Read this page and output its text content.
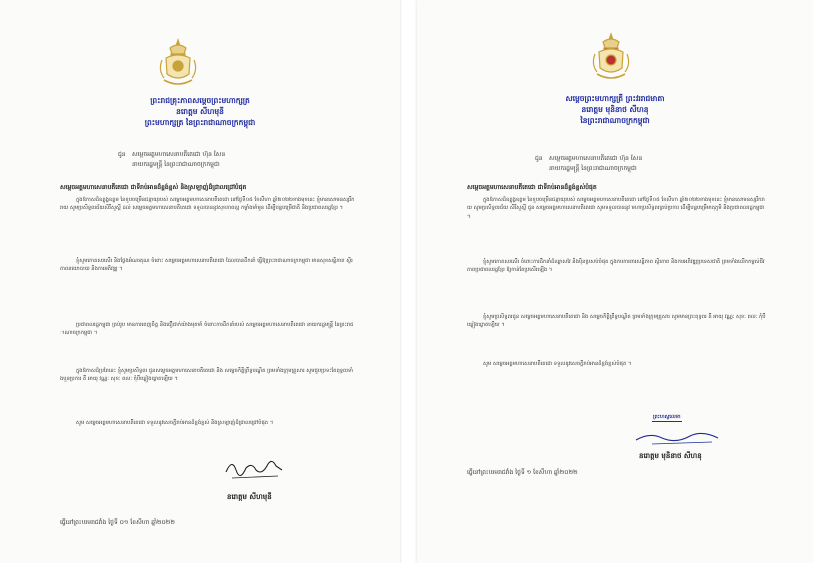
ព្រះរាជគ្រុះភាពសម្តេចព្រះមហាក្សត្រ
នរោត្តម សីហមុនី
ព្រះមហាក្សត្រ នៃព្រះរាជាណាចក្រកម្ពុជា
ជូន សម្តេចអគ្គមហាសេនាបតីតេជោ ហ៊ុន សែន
នាយករដ្ឋមន្ត្រី នៃព្រះរាជាណាចក្រកម្ពុជា
សម្តេចអគ្គមហាសេនាបតីតេជោ ជាទីរាប់អានដ៏ខ្ពង់ខ្ពស់ និងស្រឡាញ់ដ៏ជ្រាលជ្រៅបំផុត
ក្នុងឱកាសដ៏ឧត្តុង្គឧត្តម នៃខួបចម្រើនជន្មាយុរបស់ សម្តេចអគ្គមហាសេនាបតីតេជោ នៅថ្ងៃទី០៥ ខែសីហា ឆ្នាំ២០២២ខាងមុខនេះ ខ្ញុំមានសោមនស្សរីករាយ សូមប្រសិទ្ធពរជ័យសិរីសួស្តី ដល់ សម្តេចអគ្គមហាសេនាបតីតេជោ ទទួលបាននូវសុខភាពល្អ កម្លាំងមាំមួន ដើម្បីបន្តបម្រើជាតិ និងប្រជាពលរដ្ឋខ្មែរ ។
ខ្ញុំសូមកោតសរសើរ និងថ្លែងអំណរគុណ ចំពោះ សម្តេចអគ្គមហាសេនាបតីតេជោ ដែលបានដឹកនាំ ធ្វើឱ្យព្រះរាជាណាចក្រកម្ពុជា មានសុខសន្តិភាព ស្ថិរភាពនយោបាយ និងការអភិវឌ្ឍ ។
ប្រជាពលរដ្ឋកម្ពុជា គ្រប់រូប មានការពេញចិត្ត និងជឿជាក់យ៉ាងមុតមាំ ចំពោះការដឹកនាំរបស់ សម្តេចអគ្គមហាសេនាបតីតេជោ នាយករដ្ឋមន្ត្រី នៃព្រះរាជាណាចក្រកម្ពុជា ។
ក្នុងឱកាសដ៏ប្រពៃនេះ ខ្ញុំសូមប្រសិទ្ធពរ ជូនសម្តេចអគ្គមហាសេនាបតីតេជោ និង សម្តេចកិត្តិព្រឹទ្ធបណ្ឌិត ព្រមទាំងក្រុមគ្រួសារ សូមជួបប្រទះតែពុទ្ធពរទាំងបួនប្រការ គឺ អាយុ វណ្ណៈ សុខៈ ពលៈ កុំបីឃ្លៀងឃ្លាតឡើយ ។
សូម សម្តេចអគ្គមហាសេនាបតីតេជោ ទទួលនូវសេចក្តីរាប់អានដ៏ខ្ពង់ខ្ពស់ និងស្រឡាញ់ដ៏ជ្រាលជ្រៅបំផុត ។
នរោត្តម សីហមុនី
ធ្វើនៅព្រះបរមរាជវាំង ថ្ងៃទី ០១ ខែសីហា ឆ្នាំ២០២២
សម្តេចព្រះមហាក្សត្រី ព្រះវររាជមាតា
នរោត្តម មុនិនាថ សីហនុ
នៃព្រះរាជាណាចក្រកម្ពុជា
ជូន សម្តេចអគ្គមហាសេនាបតីតេជោ ហ៊ុន សែន
នាយករដ្ឋមន្ត្រី នៃព្រះរាជាណាចក្រកម្ពុជា
សម្តេចអគ្គមហាសេនាបតីតេជោ ជាទីរាប់អានដ៏ខ្ពង់ខ្ពស់បំផុត
ក្នុងឱកាសដ៏ឧត្តុង្គឧត្តម នៃខួបចម្រើនជន្មាយុរបស់ សម្តេចអគ្គមហាសេនាបតីតេជោ នៅថ្ងៃទី០៥ ខែសីហា ឆ្នាំ២០២២ខាងមុខនេះ ខ្ញុំមានសោមនស្សរីករាយ សូមប្រសិទ្ធពរជ័យ សិរីសួស្តី ជូន សម្តេចអគ្គមហាសេនាបតីតេជោ សូមទទួលបាននូវ មហាប្រសិទ្ធពរគ្រប់ប្រការ ដើម្បីបន្តបម្រើមាតុភូមិ និងប្រជាពលរដ្ឋកម្ពុជា ។
ខ្ញុំសូមកោតសរសើរ ចំពោះការដឹកនាំដ៏ឈ្លាសវៃ និងប៉ិនប្រសប់បំផុត ក្នុងការការពារសន្តិភាព ស្ថិរភាព និងការអភិវឌ្ឍប្រទេសជាតិ ព្រមទាំងលើកកម្ពស់ជីវភាពប្រជាពលរដ្ឋខ្មែរ ឱ្យកាន់តែប្រសើរឡើង ។
ខ្ញុំសូមប្រសិទ្ធពរជូន សម្តេចអគ្គមហាសេនាបតីតេជោ និង សម្តេចកិត្តិព្រឹទ្ធបណ្ឌិត ព្រមទាំងក្រុមគ្រួសារ សូមមានព្រះពុទ្ធពរ គឺ អាយុ វណ្ណៈ សុខៈ ពលៈ កុំបីឃ្លៀងឃ្លាតឡើយ ។
សូម សម្តេចអគ្គមហាសេនាបតីតេជោ ទទួលនូវសេចក្តីរាប់អានដ៏ខ្ពង់ខ្ពស់បំផុត ។
ព្រះហស្តលេខា
នរោត្តម មុនិនាថ សីហនុ
ធ្វើនៅព្រះបរមរាជវាំង ថ្ងៃទី ១ ខែសីហា ឆ្នាំ២០២២
